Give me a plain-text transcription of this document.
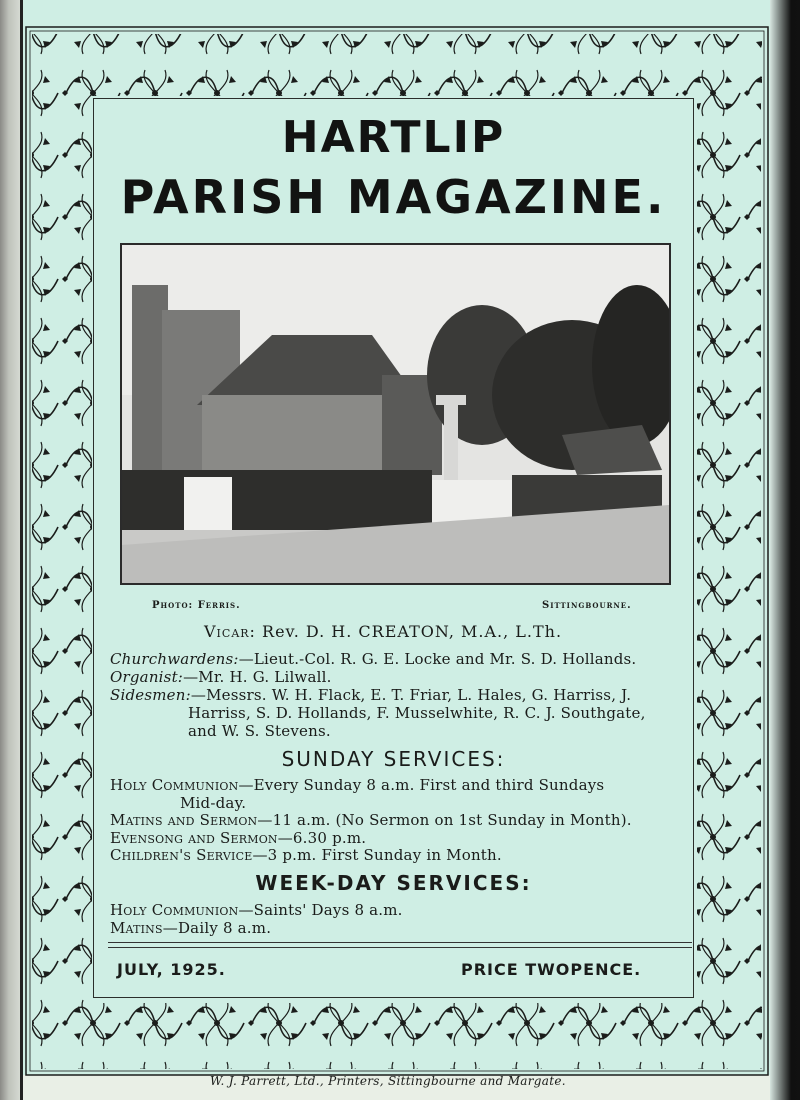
HARTLIP
PARISH MAGAZINE.
Photo: Ferris.	Sittingbourne.
Vicar: Rev. D. H. CREATON, M.A., L.Th.
Churchwardens:—Lieut.-Col. R. G. E. Locke and Mr. S. D. Hollands.
Organist:—Mr. H. G. Lilwall.
Sidesmen:—Messrs. W. H. Flack, E. T. Friar, L. Hales, G. Harriss, J.
Harriss, S. D. Hollands, F. Musselwhite, R. C. J. Southgate,
and W. S. Stevens.
SUNDAY SERVICES:
Holy Communion—Every Sunday 8 a.m. First and third Sundays
Mid-day.
Matins and Sermon—11 a.m. (No Sermon on 1st Sunday in Month).
Evensong and Sermon—6.30 p.m.
Children's Service—3 p.m. First Sunday in Month.
WEEK-DAY SERVICES:
Holy Communion—Saints' Days 8 a.m.
Matins—Daily 8 a.m.
JULY, 1925.	PRICE TWOPENCE.
W. J. Parrett, Ltd., Printers, Sittingbourne and Margate.
